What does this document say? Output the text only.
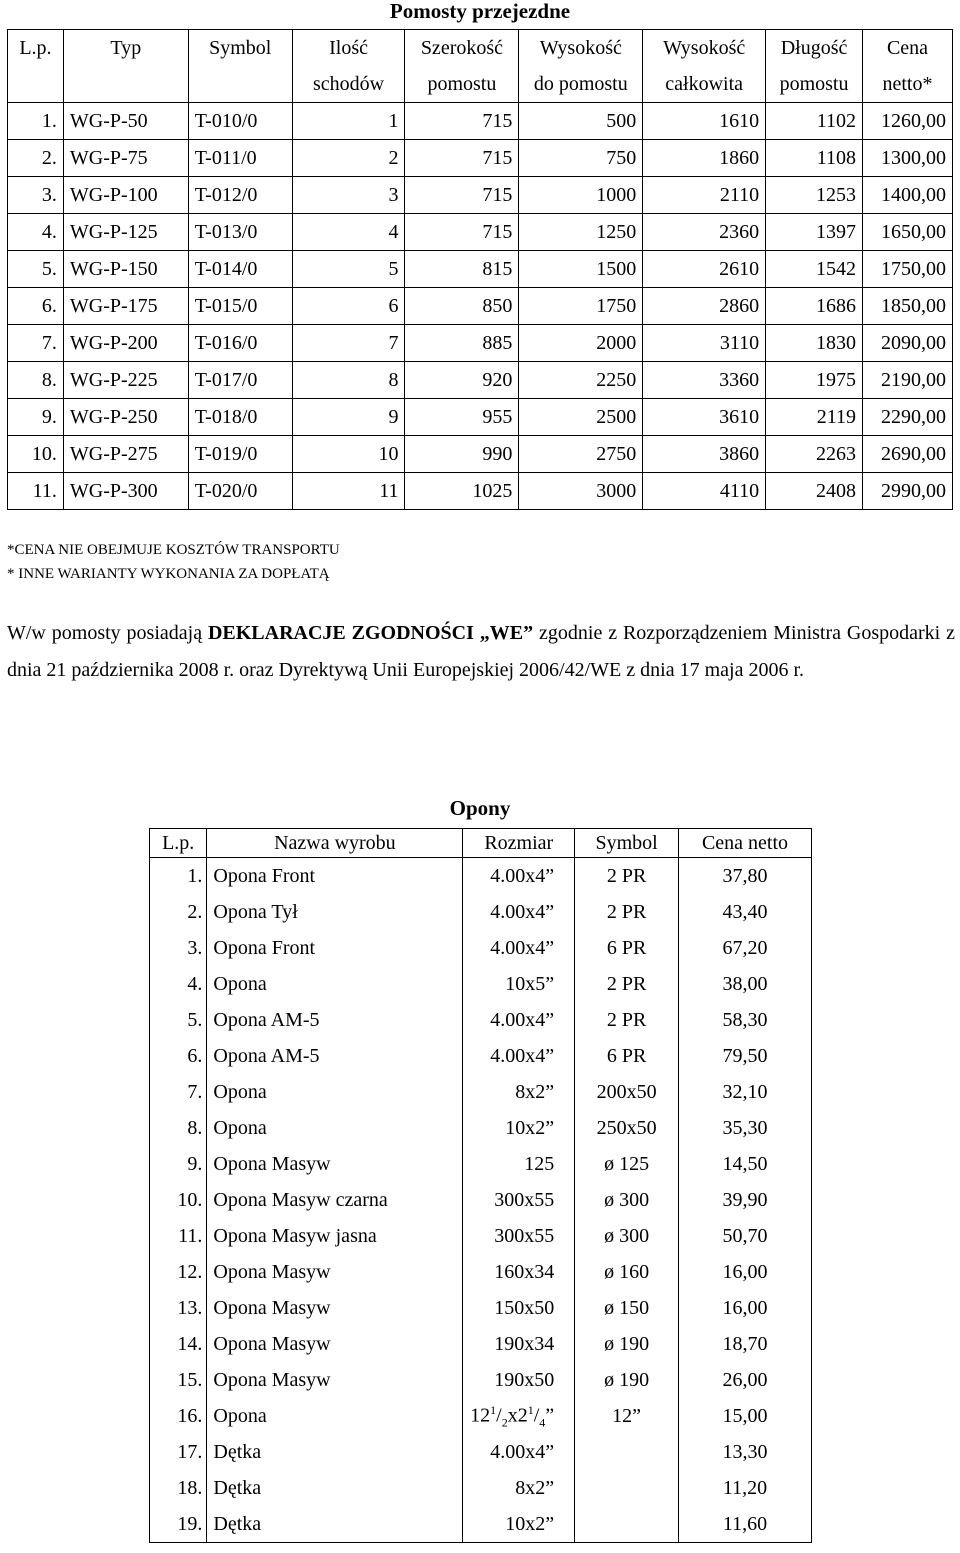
Pomosty przejezdne
L.p.	Typ	Symbol	Ilość	Szerokość	Wysokość	Wysokość	Długość	Cena
			schodów	pomostu	do pomostu	całkowita	pomostu	netto*
1.	WG-P-50	T-010/0	1	715	500	1610	1102	1260,00
2.	WG-P-75	T-011/0	2	715	750	1860	1108	1300,00
3.	WG-P-100	T-012/0	3	715	1000	2110	1253	1400,00
4.	WG-P-125	T-013/0	4	715	1250	2360	1397	1650,00
5.	WG-P-150	T-014/0	5	815	1500	2610	1542	1750,00
6.	WG-P-175	T-015/0	6	850	1750	2860	1686	1850,00
7.	WG-P-200	T-016/0	7	885	2000	3110	1830	2090,00
8.	WG-P-225	T-017/0	8	920	2250	3360	1975	2190,00
9.	WG-P-250	T-018/0	9	955	2500	3610	2119	2290,00
10.	WG-P-275	T-019/0	10	990	2750	3860	2263	2690,00
11.	WG-P-300	T-020/0	11	1025	3000	4110	2408	2990,00
*CENA NIE OBEJMUJE KOSZTÓW TRANSPORTU
* INNE WARIANTY WYKONANIA ZA DOPŁATĄ
W/w pomosty posiadają DEKLARACJE ZGODNOŚCI „WE” zgodnie z Rozporządzeniem Ministra Gospodarki z dnia 21 października 2008 r. oraz Dyrektywą Unii Europejskiej 2006/42/WE z dnia 17 maja 2006 r.
Opony
L.p.	Nazwa wyrobu	Rozmiar	Symbol	Cena netto
1.	Opona Front	4.00x4”	2 PR	37,80
2.	Opona Tył	4.00x4”	2 PR	43,40
3.	Opona Front	4.00x4”	6 PR	67,20
4.	Opona	10x5”	2 PR	38,00
5.	Opona AM-5	4.00x4”	2 PR	58,30
6.	Opona AM-5	4.00x4”	6 PR	79,50
7.	Opona	8x2”	200x50	32,10
8.	Opona	10x2”	250x50	35,30
9.	Opona Masyw	125	ø 125	14,50
10.	Opona Masyw czarna	300x55	ø 300	39,90
11.	Opona Masyw jasna	300x55	ø 300	50,70
12.	Opona Masyw	160x34	ø 160	16,00
13.	Opona Masyw	150x50	ø 150	16,00
14.	Opona Masyw	190x34	ø 190	18,70
15.	Opona Masyw	190x50	ø 190	26,00
16.	Opona	$12^1/_2x2^1/_4$”	12”	15,00
17.	Dętka	4.00x4”		13,30
18.	Dętka	8x2”		11,20
19.	Dętka	10x2”		11,60
